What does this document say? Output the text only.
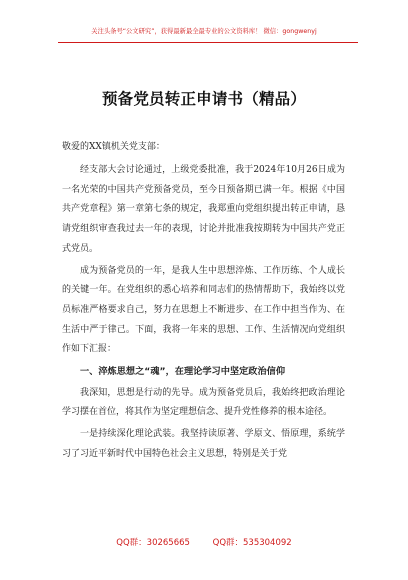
关注头条号“公文研究”，获得最新最全最专业的公文资料库！ 微信：gongwenyj
预备党员转正申请书（精品）
敬爱的XX镇机关党支部：

经支部大会讨论通过，上级党委批准，我于2024年10月26日成为一名光荣的中国共产党预备党员，至今日预备期已满一年。根据《中国共产党章程》第一章第七条的规定，我郑重向党组织提出转正申请，恳请党组织审查我过去一年的表现，讨论并批准我按期转为中国共产党正式党员。

成为预备党员的一年，是我人生中思想淬炼、工作历练、个人成长的关键一年。在党组织的悉心培养和同志们的热情帮助下，我始终以党员标准严格要求自己，努力在思想上不断进步、在工作中担当作为、在生活中严于律己。下面，我将一年来的思想、工作、生活情况向党组织作如下汇报：

一、淬炼思想之“魂”，在理论学习中坚定政治信仰

我深知，思想是行动的先导。成为预备党员后，我始终把政治理论学习摆在首位，将其作为坚定理想信念、提升党性修养的根本途径。

一是持续深化理论武装。我坚持读原著、学原文、悟原理，系统学习了习近平新时代中国特色社会主义思想，特别是关于党

QQ群：30265665	QQ群：535304092
